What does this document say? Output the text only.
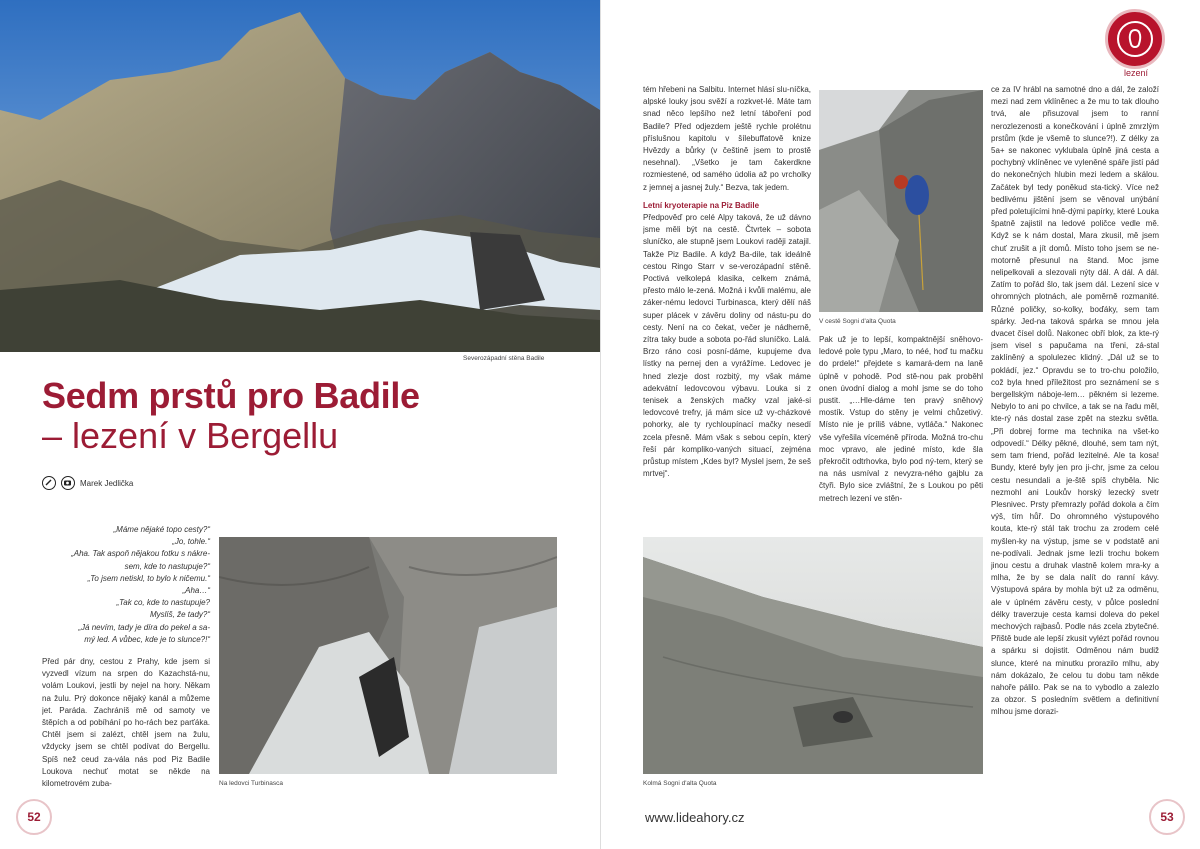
Severozápadní stěna Badile
Sedm prstů pro Badile
– lezení v Bergellu
Marek Jedlička
„Máme nějaké topo cesty?“
„Jo, tohle.“
„Aha. Tak aspoň nějakou fotku s nákre-
sem, kde to nastupuje?“
„To jsem netiskl, to bylo k ničemu.“
„Aha…“
„Tak co, kde to nastupuje?
Myslíš, že tady?“
„Já nevím, tady je díra do pekel a sa-
mý led. A vůbec, kde je to slunce?!“

Před pár dny, cestou z Prahy, kde jsem si vyzvedl vízum na srpen do Kazachstá-nu, volám Loukovi, jestli by nejel na hory. Někam na žulu. Prý dokonce nějaký kanál a můžeme jet. Paráda. Zachráníš mě od samoty ve štěpích a od pobíhání po ho-rách bez parťáka. Chtěl jsem si zalézt, chtěl jsem na žulu, vždycky jsem se chtěl podívat do Bergellu. Spíš než ceud za-vála nás pod Piz Badile Loukova nechuť motat se někde na kilometrovém zuba-	Na ledovci Turbinasca
52

tém hřebeni na Salbitu. Internet hlásí slu-níčka, alpské louky jsou svěží a rozkvet-lé. Máte tam snad něco lepšího než letní táboření pod Badile? Před odjezdem ještě rychle prolétnu příslušnou kapitolu v šílebuffatově knize Hvězdy a bůrky (v češtině jsem to prostě nesehnal). „Všetko je tam čakerdkne rozmiestené, od samého údolia až po vrcholky z jemnej a jasnej žuly.“ Bezva, tak jedem.

Letní kryoterapie na Piz Badile

Předpověď pro celé Alpy taková, že už dávno jsme měli být na cestě. Čtvrtek – sobota sluníčko, ale stupně jsem Loukovi raději zatajil. Takže Piz Badile. A když Ba-dile, tak ideálně cestou Ringo Starr v se-verozápadní stěně. Poctivá velkolepá klasika, celkem známá, přesto málo le-zená. Možná i kvůli malému, ale záker-nému ledovci Turbinasca, který dělí náš super plácek v závěru doliny od nástu-pu do cesty. Není na co čekat, večer je nádherně, zítra taky bude a sobota po-řád sluníčko. Lalá. Brzo ráno cosi posní-dáme, kupujeme dva lístky na pernej den a vyrážíme. Ledovec je hned zlezje dost rozbitý, my však máme adekvátní ledovcovou výbavu. Louka si z tenisek a ženských mačky vzal jaké-si ledovcové trefry, já mám sice už vy-cházkové pohorky, ale ty rychloupínací mačky nesedí zcela přesně. Mám však s sebou cepín, který řeší pár kompliko-vaných situací, zejména průstup místem „Kdes byl? Myslel jsem, že seš mrtvej“.

V cestě Sogni d'alta Quota

Pak už je to lepší, kompaktnější sněhovo-ledové pole typu „Maro, to néé, hoď tu mačku do prdele!“ přejdete s kamará-dem na laně úplně v pohodě. Pod stě-nou pak proběhl onen úvodní dialog a mohl jsme se do toho pustit. „…Hle-dáme ten pravý sněhový mostík. Vstup do stěny je velmi chůzetivý. Místo nie je príliš vábne, vytláča.“ Nakonec vše vyřešila víceméně příroda. Možná tro-chu moc vpravo, ale jediné místo, kde šla překročit odtrhovka, bylo pod ný-tem, který se na nás usmíval z nevyzra-ného gajblu za čtyři. Bylo sice zvláštní, že s Loukou po pěti metrech lezení ve stěn-

Kolmá Sogni d'alta Quota

ce za IV hrábl na samotné dno a dál, že založí mezi nad zem vklíněnec a že mu to tak dlouho trvá, ale přisuzoval jsem to ranní nerozlezenosti a konečkování i úplně zmrzlým prstům (kde je všemě to slunce?!). Z délky za 5a+ se nakonec vyklubala úplně jiná cesta a pochybný vklíněnec ve vyleněné spáře jistí pád do nekonečných hlubin mezi ledem a skálou. Začátek byl tedy poněkud sta-tický. Více než bedlivému jištění jsem se věnoval unýbání před poletujícími hně-dými papírky, které Louka špatně zajistil na ledové poličce vedle mě. Když se k nám dostal, Mara zkusil, mě jsem chuť zrušit a jít domů. Místo toho jsem se ne-motorně přesunul na štand. Moc jsme nelipelkovali a slezovali nýty dál. A dál. A dál. Zatím to pořád šlo, tak jsem dál. Lezení sice v ohromných plotnách, ale poměrně rozmanité. Různé poličky, so-kolky, boďáky, sem tam spárky. Jed-na taková spárka se mnou jela dvacet čísel dolů. Nakonec obří blok, za kte-rý jsem visel s papučama na třeni, zá-stal zaklíněný a spolulezec klidný. „Dál už se to pokládí, jez.“ Opravdu se to tro-chu položilo, což byla hned příležitost pro seznámení se s bergellským náboje-lem… pěkném si lezeme. Nebylo to ani po chvilce, a tak se na řadu měl, kte-rý nás dostal zase zpět na stezku světla. „Při dobrej forme ma technika na všet-ko odpovedí.“ Délky pěkné, dlouhé, sem tam nýt, sem tam friend, pořád lezitelné. Ale ta kosa! Bundy, které byly jen pro ji-chr, jsme za celou cestu nesundali a je-ště spíš chyběla. Nic nezmohl ani Loukův horský lezecký svetr Plesnivec. Prsty přemrazly pořád dokola a čím výš, tím hůř. Do ohromného výstupového kouta, kte-rý stál tak trochu za zrodem celé myšlen-ky na výstup, jsme se v podstatě ani ne-podívali. Jednak jsme lezli trochu bokem jinou cestu a druhak vlastně kolem mra-ky a mlha, že by se dala nalít do ranní kávy. Výstupová spára by mohla být už za odměnu, ale v úplném závěru cesty, v půlce poslední délky traverzuje cesta kamsi doleva do pekel mechových rajbasů. Podle nás zcela zbytečné. Přiště bude ale lepší zkusit vylézt pořád rovnou a spárku si dojistit. Odměnou nám budiž slunce, které na minutku prorazilo mlhu, aby nám dokázalo, že celou tu dobu tam někde nahoře pálilo. Pak se na to vybodlo a zalezlo za obzor. S posledním světlem a definitivní mlhou jsme dorazi-

lezení
www.lideahory.cz	53
